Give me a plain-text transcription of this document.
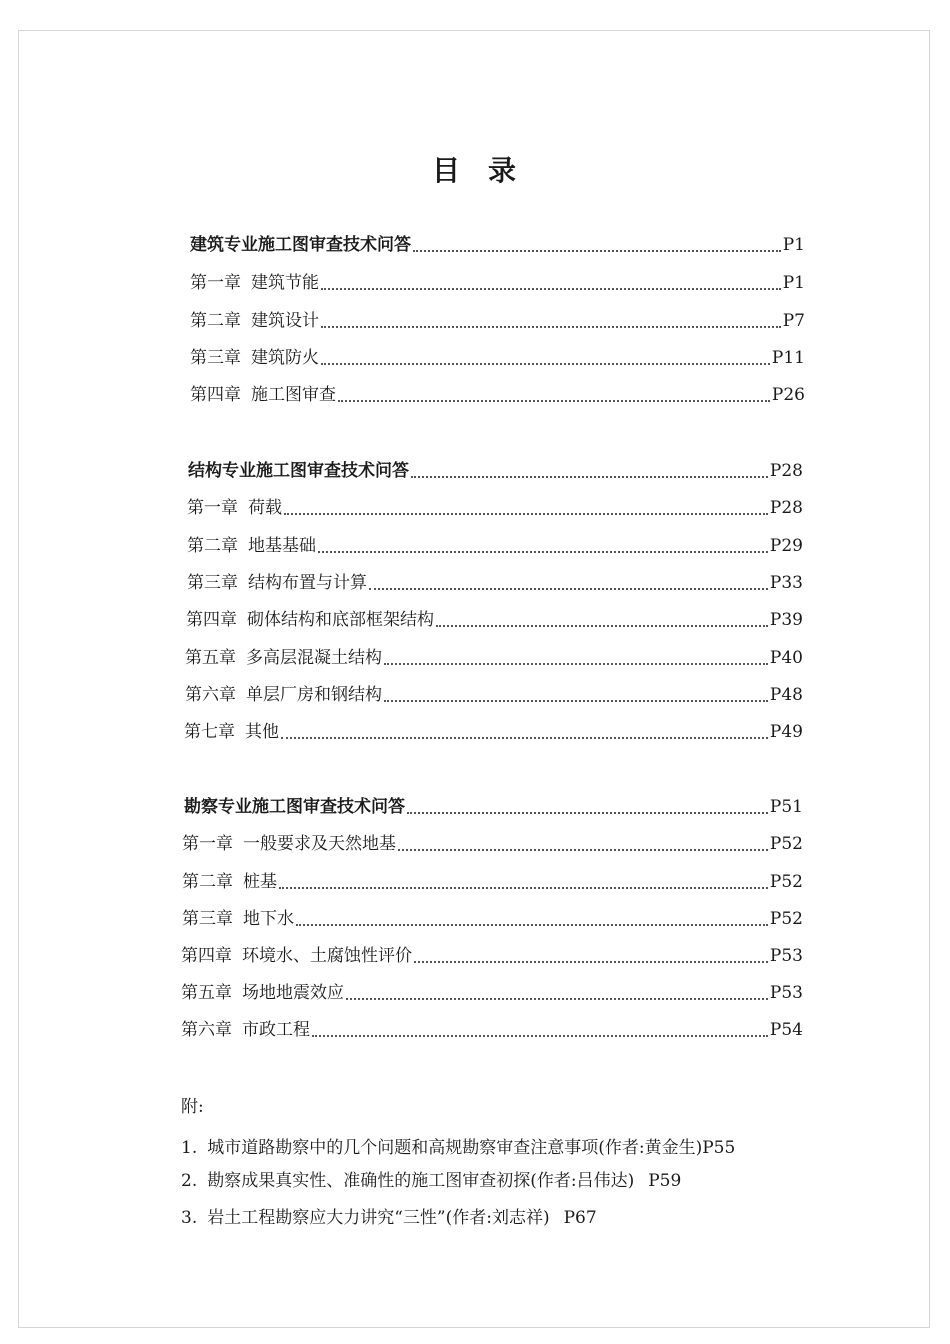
目录
建筑专业施工图审查技术问答	P1
第一章 建筑节能	P1
第二章 建筑设计	P7
第三章 建筑防火	P11
第四章 施工图审查	P26
结构专业施工图审查技术问答	P28
第一章 荷载	P28
第二章 地基基础	P29
第三章 结构布置与计算	P33
第四章 砌体结构和底部框架结构	P39
第五章 多高层混凝土结构	P40
第六章 单层厂房和钢结构	P48
第七章 其他	P49
勘察专业施工图审查技术问答	P51
第一章 一般要求及天然地基	P52
第二章 桩基	P52
第三章 地下水	P52
第四章 环境水、土腐蚀性评价	P53
第五章 场地地震效应	P53
第六章 市政工程	P54
附:
1. 城市道路勘察中的几个问题和高规勘察审查注意事项(作者:黄金生)P55
2. 勘察成果真实性、准确性的施工图审查初探(作者:吕伟达) P59
3. 岩土工程勘察应大力讲究“三性”(作者:刘志祥) P67
